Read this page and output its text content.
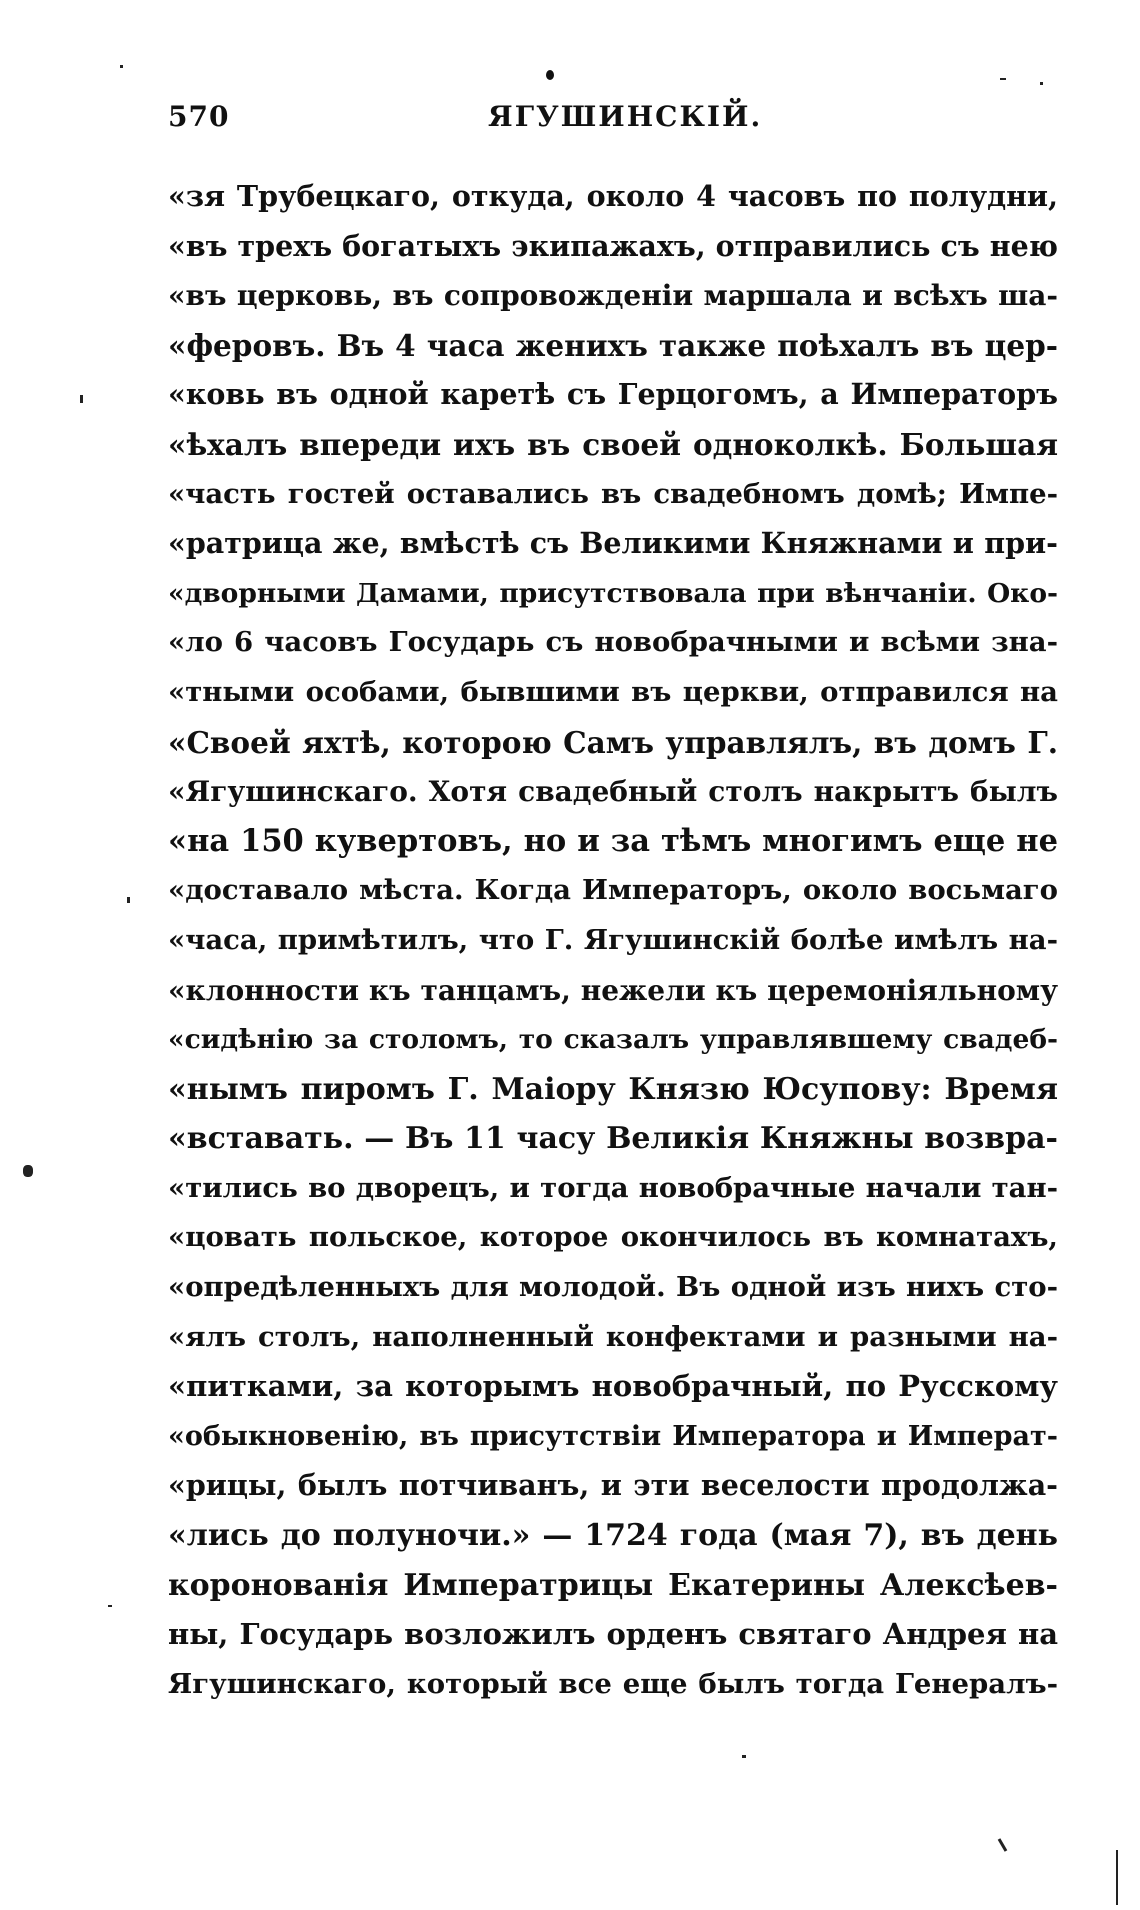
570	ЯГУШИНСКІЙ.
«зя Трубецкаго, откуда, около 4 часовъ по полудни,
«въ трехъ богатыхъ экипажахъ, отправились съ нею
«въ церковь, въ сопровожденіи маршала и всѣхъ ша-
«феровъ. Въ 4 часа женихъ также поѣхалъ въ цер-
«ковь въ одной каретѣ съ Герцогомъ, а Императоръ
«ѣхалъ впереди ихъ въ своей одноколкѣ. Большая
«часть гостей оставались въ свадебномъ домѣ; Импе-
«ратрица же, вмѣстѣ съ Великими Княжнами и при-
«дворными Дамами, присутствовала при вѣнчаніи. Око-
«ло 6 часовъ Государь съ новобрачными и всѣми зна-
«тными особами, бывшими въ церкви, отправился на
«Своей яхтѣ, которою Самъ управлялъ, въ домъ Г.
«Ягушинскаго. Хотя свадебный столъ накрытъ былъ
«на 150 кувертовъ, но и за тѣмъ многимъ еще не
«доставало мѣста. Когда Императоръ, около восьмаго
«часа, примѣтилъ, что Г. Ягушинскій болѣе имѣлъ на-
«клонности къ танцамъ, нежели къ церемоніяльному
«сидѣнію за столомъ, то сказалъ управлявшему свадеб-
«нымъ пиромъ Г. Маіору Князю Юсупову: Время
«вставать. — Въ 11 часу Великія Княжны возвра-
«тились во дворецъ, и тогда новобрачные начали тан-
«цовать польское, которое окончилось въ комнатахъ,
«опредѣленныхъ для молодой. Въ одной изъ нихъ сто-
«ялъ столъ, наполненный конфектами и разными на-
«питками, за которымъ новобрачный, по Русскому
«обыкновенію, въ присутствіи Императора и Императ-
«рицы, былъ потчиванъ, и эти веселости продолжа-
«лись до полуночи.» — 1724 года (мая 7), въ день
коронованія Императрицы Екатерины Алексѣев-
ны, Государь возложилъ орденъ святаго Андрея на
Ягушинскаго, который все еще былъ тогда Генералъ-
